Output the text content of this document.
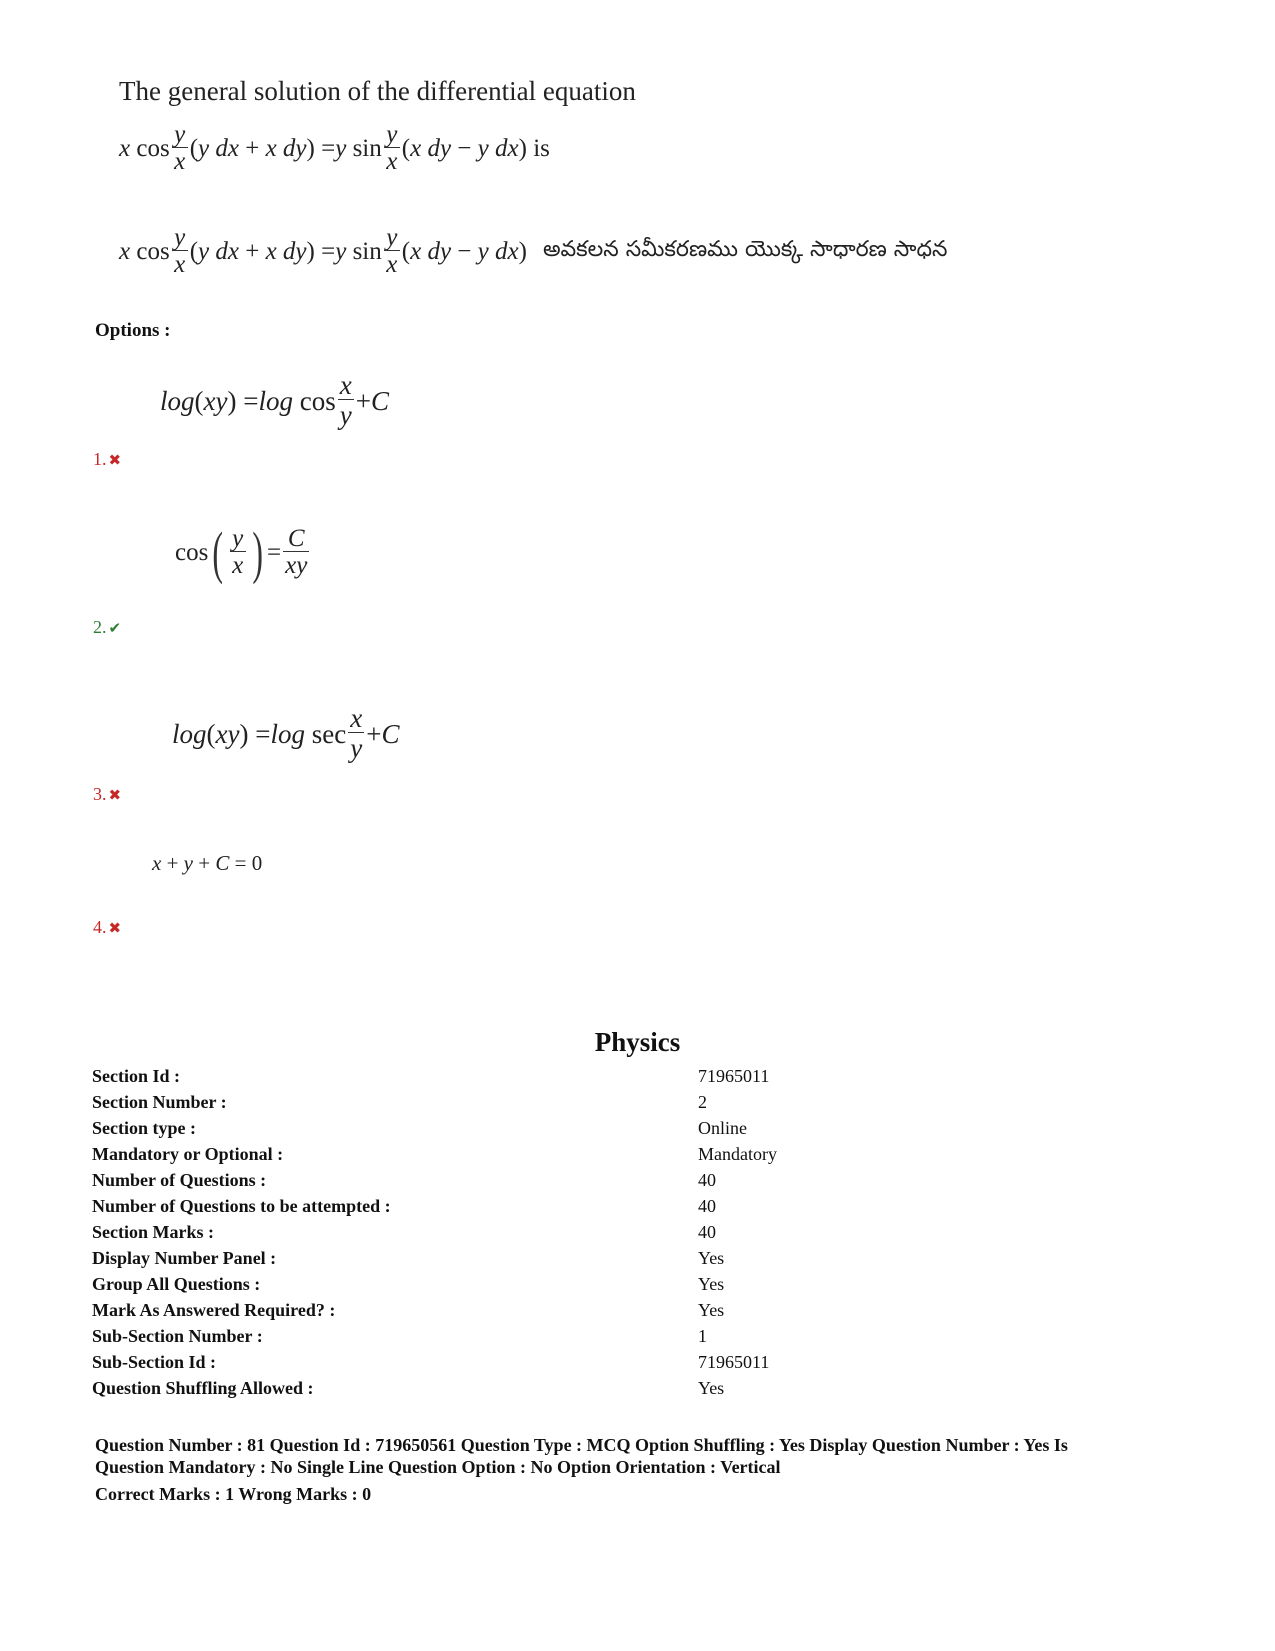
The general solution of the differential equation
x $\cos \frac{y}{x}$ ( y dx + x dy ) = y $\sin \frac{y}{x}$ ( x dy − y dx ) is
x $\cos \frac{y}{x}$ ( y dx + x dy ) = y $\sin \frac{y}{x}$ ( x dy − y dx ) అవకలన సమీకరణము యొక్క సాధారణ సాధన
Options :
log ( xy ) = $\log \cos \frac{x}{y} + C$
1. ✖
cos ( $\frac{y}{x}$ ) = $\frac{C}{xy}$
2. ✔
log ( xy ) = $\log \sec \frac{x}{y} + C$
3. ✖
x + y + C = 0
4. ✖
Physics
Section Id :	71965011
Section Number :	2
Section type :	Online
Mandatory or Optional :	Mandatory
Number of Questions :	40
Number of Questions to be attempted :	40
Section Marks :	40
Display Number Panel :	Yes
Group All Questions :	Yes
Mark As Answered Required? :	Yes
Sub-Section Number :	1
Sub-Section Id :	71965011
Question Shuffling Allowed :	Yes
Question Number : 81 Question Id : 719650561 Question Type : MCQ Option Shuffling : Yes Display Question Number : Yes Is
Question Mandatory : No Single Line Question Option : No Option Orientation : Vertical
Correct Marks : 1 Wrong Marks : 0
